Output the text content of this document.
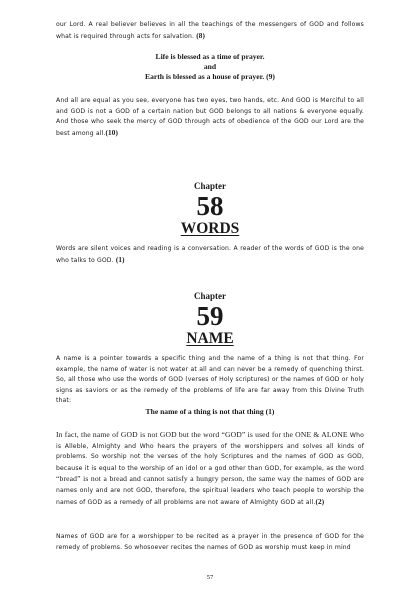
our Lord. A real believer believes in all the teachings of the messengers of GOD and follows what is required through acts for salvation. (8)

Life is blessed as a time of prayer.

and

Earth is blessed as a house of prayer. (9)

And all are equal as you see, everyone has two eyes, two hands, etc. And GOD is Merciful to all and GOD is not a GOD of a certain nation but GOD belongs to all nations & everyone equally. And those who seek the mercy of GOD through acts of obedience of the GOD our Lord are the best among all.(10)

Chapter

58

WORDS

Words are silent voices and reading is a conversation. A reader of the words of GOD is the one who talks to GOD. (1)

Chapter

59

NAME

A name is a pointer towards a specific thing and the name of a thing is not that thing. For example, the name of water is not water at all and can never be a remedy of quenching thirst. So, all those who use the words of GOD (verses of Holy scriptures) or the names of GOD or holy signs as saviors or as the remedy of the problems of life are far away from this Divine Truth that:

The name of a thing is not that thing (1)

In fact, the name of GOD is not GOD but the word “GOD” is used for the ONE & ALONE Who is Alleble, Almighty and Who hears the prayers of the worshippers and solves all kinds of problems. So worship not the verses of the holy Scriptures and the names of GOD as GOD, because it is equal to the worship of an idol or a god other than GOD, for example, as the word “bread” is not a bread and cannot satisfy a hungry person, the same way the names of GOD are names only and are not GOD, therefore, the spiritual leaders who teach people to worship the names of GOD as a remedy of all problems are not aware of Almighty GOD at all.(2)

Names of GOD are for a worshipper to be recited as a prayer in the presence of GOD for the remedy of problems. So whosoever recites the names of GOD as worship must keep in mind

57
